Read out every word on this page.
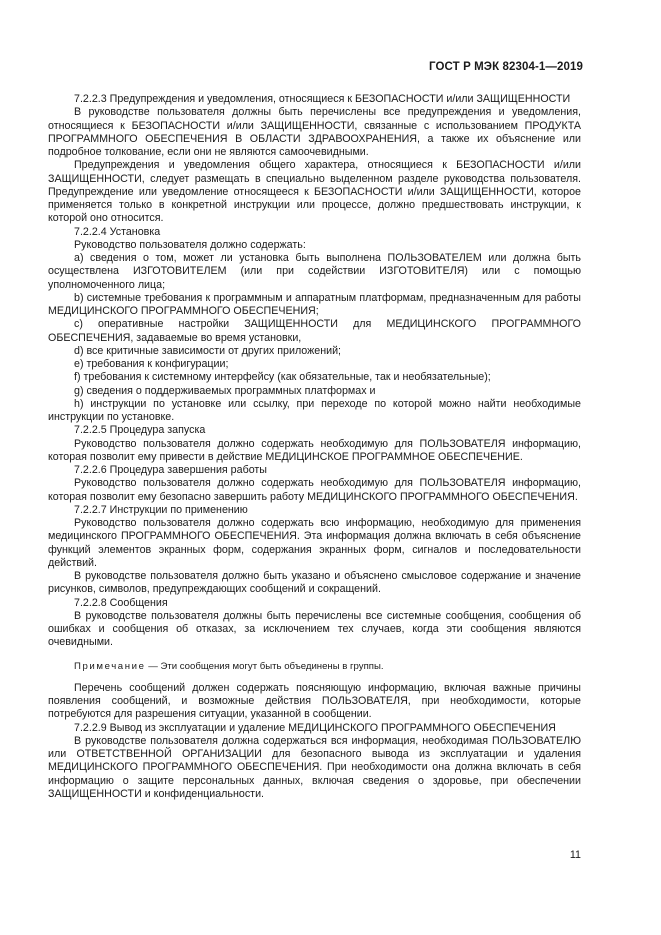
ГОСТ Р МЭК 82304-1—2019

7.2.2.3 Предупреждения и уведомления, относящиеся к БЕЗОПАСНОСТИ и/или ЗАЩИЩЕННОСТИ

В руководстве пользователя должны быть перечислены все предупреждения и уведомления, относящиеся к БЕЗОПАСНОСТИ и/или ЗАЩИЩЕННОСТИ, связанные с использованием ПРОДУКТА ПРОГРАММНОГО ОБЕСПЕЧЕНИЯ В ОБЛАСТИ ЗДРАВООХРАНЕНИЯ, а также их объяснение или подробное толкование, если они не являются самоочевидными.

Предупреждения и уведомления общего характера, относящиеся к БЕЗОПАСНОСТИ и/или ЗАЩИЩЕННОСТИ, следует размещать в специально выделенном разделе руководства пользователя. Предупреждение или уведомление относящееся к БЕЗОПАСНОСТИ и/или ЗАЩИЩЕННОСТИ, которое применяется только в конкретной инструкции или процессе, должно предшествовать инструкции, к которой оно относится.

7.2.2.4 Установка

Руководство пользователя должно содержать:

a) сведения о том, может ли установка быть выполнена ПОЛЬЗОВАТЕЛЕМ или должна быть осуществлена ИЗГОТОВИТЕЛЕМ (или при содействии ИЗГОТОВИТЕЛЯ) или с помощью уполномоченного лица;

b) системные требования к программным и аппаратным платформам, предназначенным для работы МЕДИЦИНСКОГО ПРОГРАММНОГО ОБЕСПЕЧЕНИЯ;

c) оперативные настройки ЗАЩИЩЕННОСТИ для МЕДИЦИНСКОГО ПРОГРАММНОГО ОБЕСПЕЧЕНИЯ, задаваемые во время установки,

d) все критичные зависимости от других приложений;

e) требования к конфигурации;

f) требования к системному интерфейсу (как обязательные, так и необязательные);

g) сведения о поддерживаемых программных платформах и

h) инструкции по установке или ссылку, при переходе по которой можно найти необходимые инструкции по установке.

7.2.2.5 Процедура запуска

Руководство пользователя должно содержать необходимую для ПОЛЬЗОВАТЕЛЯ информацию, которая позволит ему привести в действие МЕДИЦИНСКОЕ ПРОГРАММНОЕ ОБЕСПЕЧЕНИЕ.

7.2.2.6 Процедура завершения работы

Руководство пользователя должно содержать необходимую для ПОЛЬЗОВАТЕЛЯ информацию, которая позволит ему безопасно завершить работу МЕДИЦИНСКОГО ПРОГРАММНОГО ОБЕСПЕЧЕНИЯ.

7.2.2.7 Инструкции по применению

Руководство пользователя должно содержать всю информацию, необходимую для применения медицинского ПРОГРАММНОГО ОБЕСПЕЧЕНИЯ. Эта информация должна включать в себя объяснение функций элементов экранных форм, содержания экранных форм, сигналов и последовательности действий.

В руководстве пользователя должно быть указано и объяснено смысловое содержание и значение рисунков, символов, предупреждающих сообщений и сокращений.

7.2.2.8 Сообщения

В руководстве пользователя должны быть перечислены все системные сообщения, сообщения об ошибках и сообщения об отказах, за исключением тех случаев, когда эти сообщения являются очевидными.

Примечание — Эти сообщения могут быть объединены в группы.

Перечень сообщений должен содержать поясняющую информацию, включая важные причины появления сообщений, и возможные действия ПОЛЬЗОВАТЕЛЯ, при необходимости, которые потребуются для разрешения ситуации, указанной в сообщении.

7.2.2.9 Вывод из эксплуатации и удаление МЕДИЦИНСКОГО ПРОГРАММНОГО ОБЕСПЕЧЕНИЯ

В руководстве пользователя должна содержаться вся информация, необходимая ПОЛЬЗОВАТЕЛЮ или ОТВЕТСТВЕННОЙ ОРГАНИЗАЦИИ для безопасного вывода из эксплуатации и удаления МЕДИЦИНСКОГО ПРОГРАММНОГО ОБЕСПЕЧЕНИЯ. При необходимости она должна включать в себя информацию о защите персональных данных, включая сведения о здоровье, при обеспечении ЗАЩИЩЕННОСТИ и конфиденциальности.

11
